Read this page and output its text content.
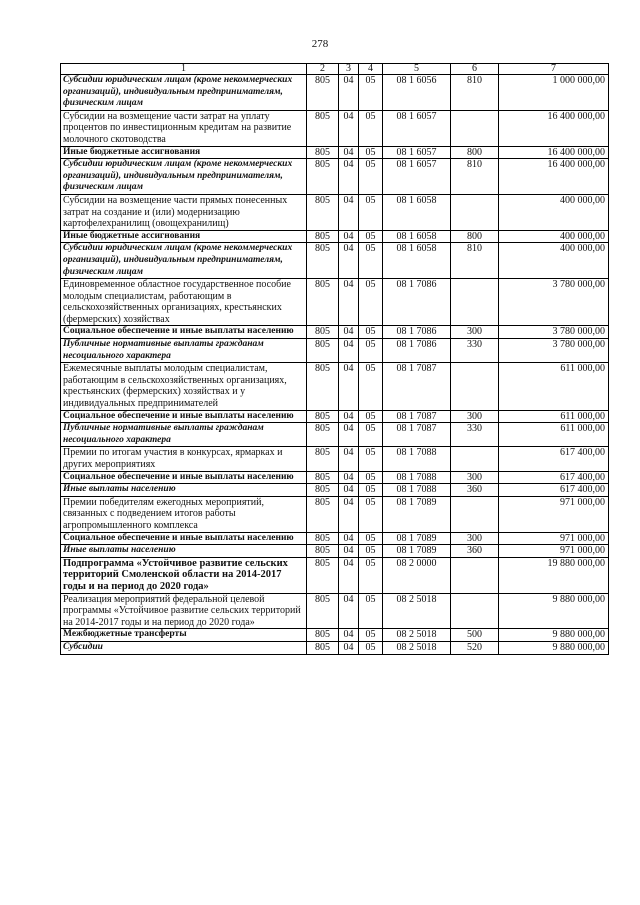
278
1	2	3	4	5	6	7
Субсидии юридическим лицам (кроме некоммерческих организаций), индивидуальным предпринимателям, физическим лицам	805	04	05	08 1 6056	810	1 000 000,00
Субсидии на возмещение части затрат на уплату процентов по инвестиционным кредитам на развитие молочного скотоводства	805	04	05	08 1 6057		16 400 000,00
Иные бюджетные ассигнования	805	04	05	08 1 6057	800	16 400 000,00
Субсидии юридическим лицам (кроме некоммерческих организаций), индивидуальным предпринимателям, физическим лицам	805	04	05	08 1 6057	810	16 400 000,00
Субсидии на возмещение части прямых понесенных затрат на создание и (или) модернизацию картофелехранилищ (овощехранилищ)	805	04	05	08 1 6058		400 000,00
Иные бюджетные ассигнования	805	04	05	08 1 6058	800	400 000,00
Субсидии юридическим лицам (кроме некоммерческих организаций), индивидуальным предпринимателям, физическим лицам	805	04	05	08 1 6058	810	400 000,00
Единовременное областное государственное пособие молодым специалистам, работающим в сельскохозяйственных организациях, крестьянских (фермерских) хозяйствах	805	04	05	08 1 7086		3 780 000,00
Социальное обеспечение и иные выплаты населению	805	04	05	08 1 7086	300	3 780 000,00
Публичные нормативные выплаты гражданам несоциального характера	805	04	05	08 1 7086	330	3 780 000,00
Ежемесячные выплаты молодым специалистам, работающим в сельскохозяйственных организациях, крестьянских (фермерских) хозяйствах и у индивидуальных предпринимателей	805	04	05	08 1 7087		611 000,00
Социальное обеспечение и иные выплаты населению	805	04	05	08 1 7087	300	611 000,00
Публичные нормативные выплаты гражданам несоциального характера	805	04	05	08 1 7087	330	611 000,00
Премии по итогам участия в конкурсах, ярмарках и других мероприятиях	805	04	05	08 1 7088		617 400,00
Социальное обеспечение и иные выплаты населению	805	04	05	08 1 7088	300	617 400,00
Иные выплаты населению	805	04	05	08 1 7088	360	617 400,00
Премии победителям ежегодных мероприятий, связанных с подведением итогов работы агропромышленного комплекса	805	04	05	08 1 7089		971 000,00
Социальное обеспечение и иные выплаты населению	805	04	05	08 1 7089	300	971 000,00
Иные выплаты населению	805	04	05	08 1 7089	360	971 000,00
Подпрограмма «Устойчивое развитие сельских территорий Смоленской области на 2014-2017 годы и на период до 2020 года»	805	04	05	08 2 0000		19 880 000,00
Реализация мероприятий федеральной целевой программы «Устойчивое развитие сельских территорий на 2014-2017 годы и на период до 2020 года»	805	04	05	08 2 5018		9 880 000,00
Межбюджетные трансферты	805	04	05	08 2 5018	500	9 880 000,00
Субсидии	805	04	05	08 2 5018	520	9 880 000,00
